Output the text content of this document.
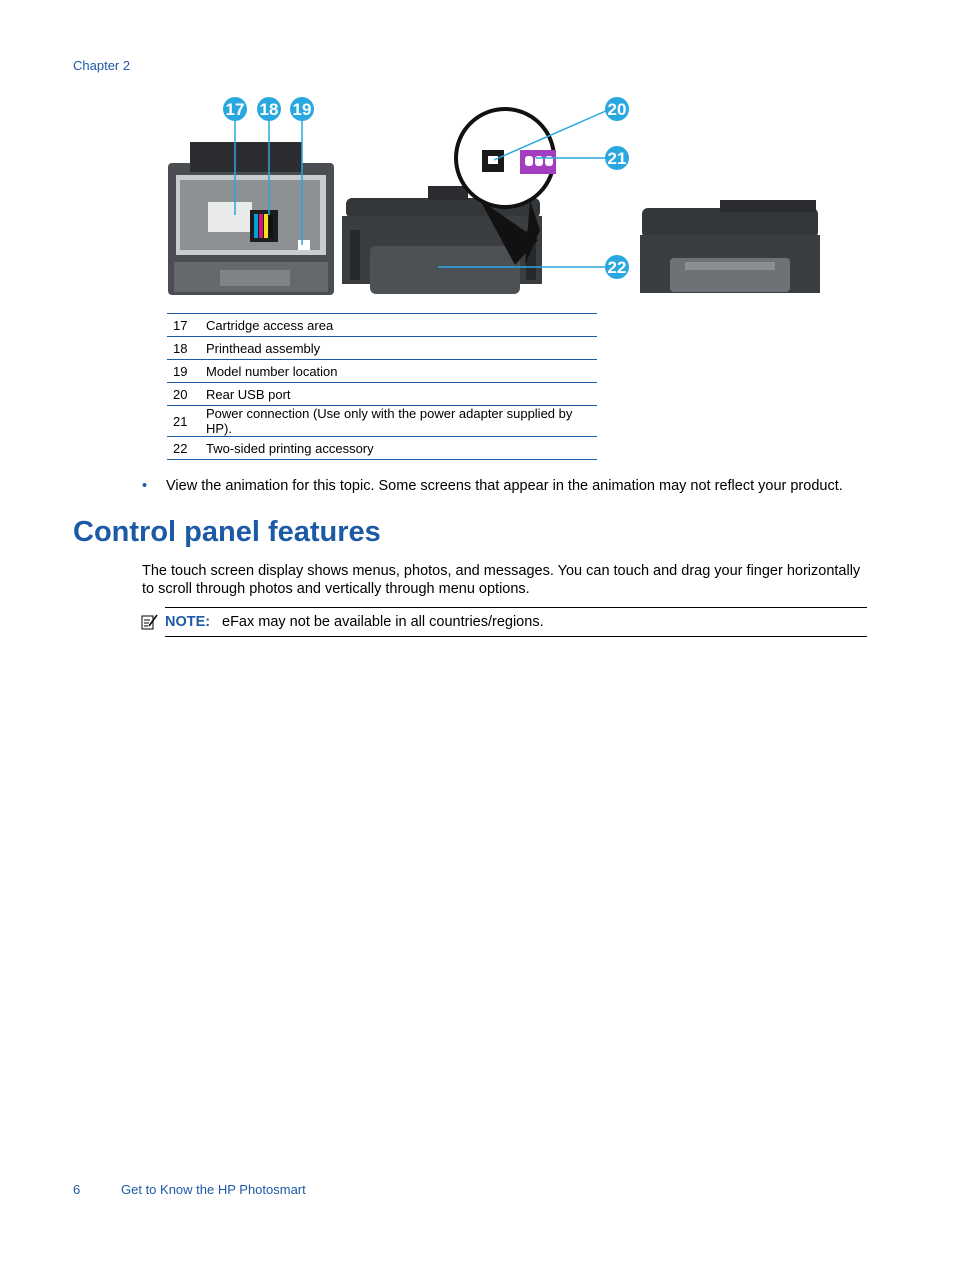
Chapter 2
17 18 19	20
21
22
17	Cartridge access area
18	Printhead assembly
19	Model number location
20	Rear USB port
21	Power connection (Use only with the power adapter supplied by HP).
22	Two-sided printing accessory
• View the animation for this topic. Some screens that appear in the animation may not reflect your product.
Control panel features

The touch screen display shows menus, photos, and messages. You can touch and drag your finger horizontally to scroll through photos and vertically through menu options.

NOTE: eFax may not be available in all countries/regions.
6	Get to Know the HP Photosmart
